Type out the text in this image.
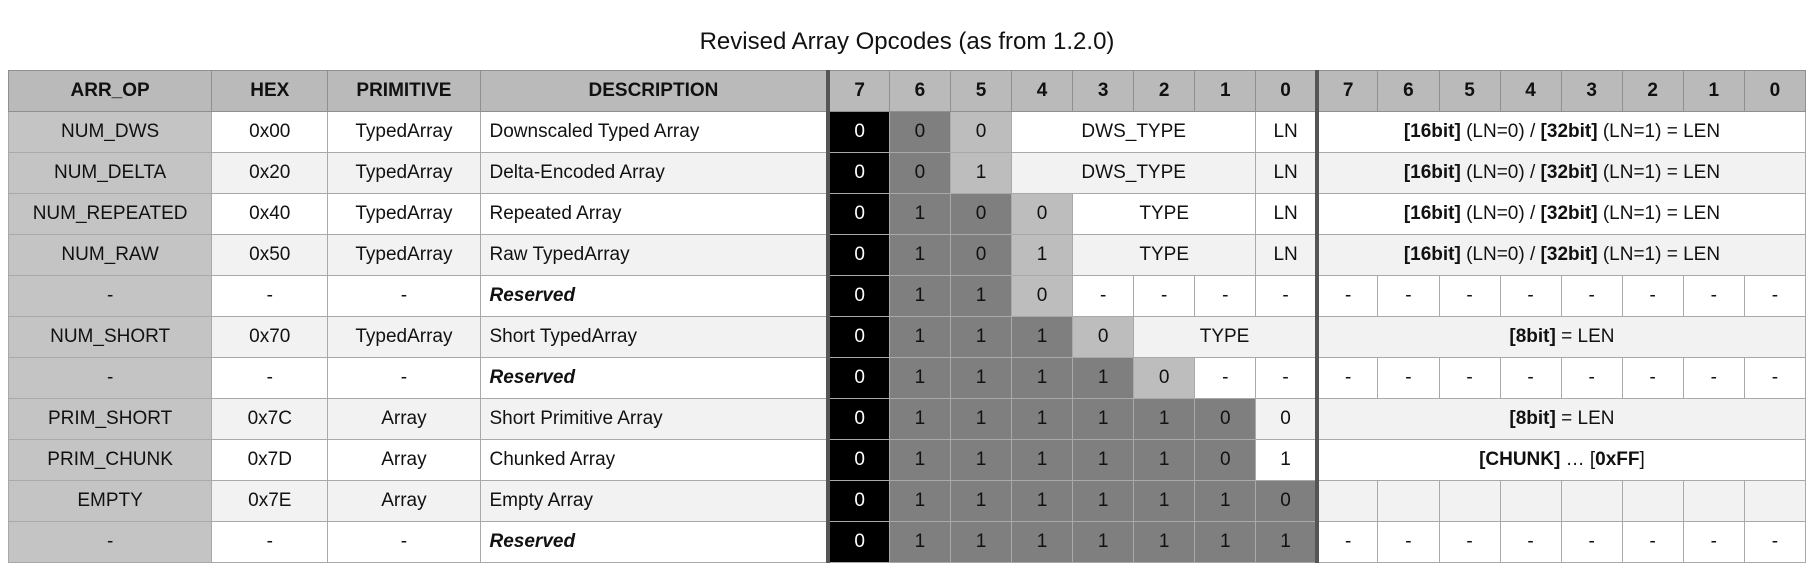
Revised Array Opcodes (as from 1.2.0)
ARR_OP	HEX	PRIMITIVE	DESCRIPTION	7	6	5	4	3	2	1	0	7	6	5	4	3	2	1	0
NUM_DWS	0x00	TypedArray	Downscaled Typed Array	0	0	0	DWS_TYPE				LN	[16bit] (LN=0) / [32bit] (LN=1) = LEN							
NUM_DELTA	0x20	TypedArray	Delta-Encoded Array	0	0	1	DWS_TYPE				LN	[16bit] (LN=0) / [32bit] (LN=1) = LEN							
NUM_REPEATED	0x40	TypedArray	Repeated Array	0	1	0	0	TYPE			LN	[16bit] (LN=0) / [32bit] (LN=1) = LEN							
NUM_RAW	0x50	TypedArray	Raw TypedArray	0	1	0	1	TYPE			LN	[16bit] (LN=0) / [32bit] (LN=1) = LEN							
-	-	-	Reserved	0	1	1	0	-	-	-	-	-	-	-	-	-	-	-	-
NUM_SHORT	0x70	TypedArray	Short TypedArray	0	1	1	1	0	TYPE			[8bit] = LEN							
-	-	-	Reserved	0	1	1	1	1	0	-	-	-	-	-	-	-	-	-	-
PRIM_SHORT	0x7C	Array	Short Primitive Array	0	1	1	1	1	1	0	0	[8bit] = LEN							
PRIM_CHUNK	0x7D	Array	Chunked Array	0	1	1	1	1	1	0	1	[CHUNK] … [0xFF]							
EMPTY	0x7E	Array	Empty Array	0	1	1	1	1	1	1	0								
-	-	-	Reserved	0	1	1	1	1	1	1	1	-	-	-	-	-	-	-	-
